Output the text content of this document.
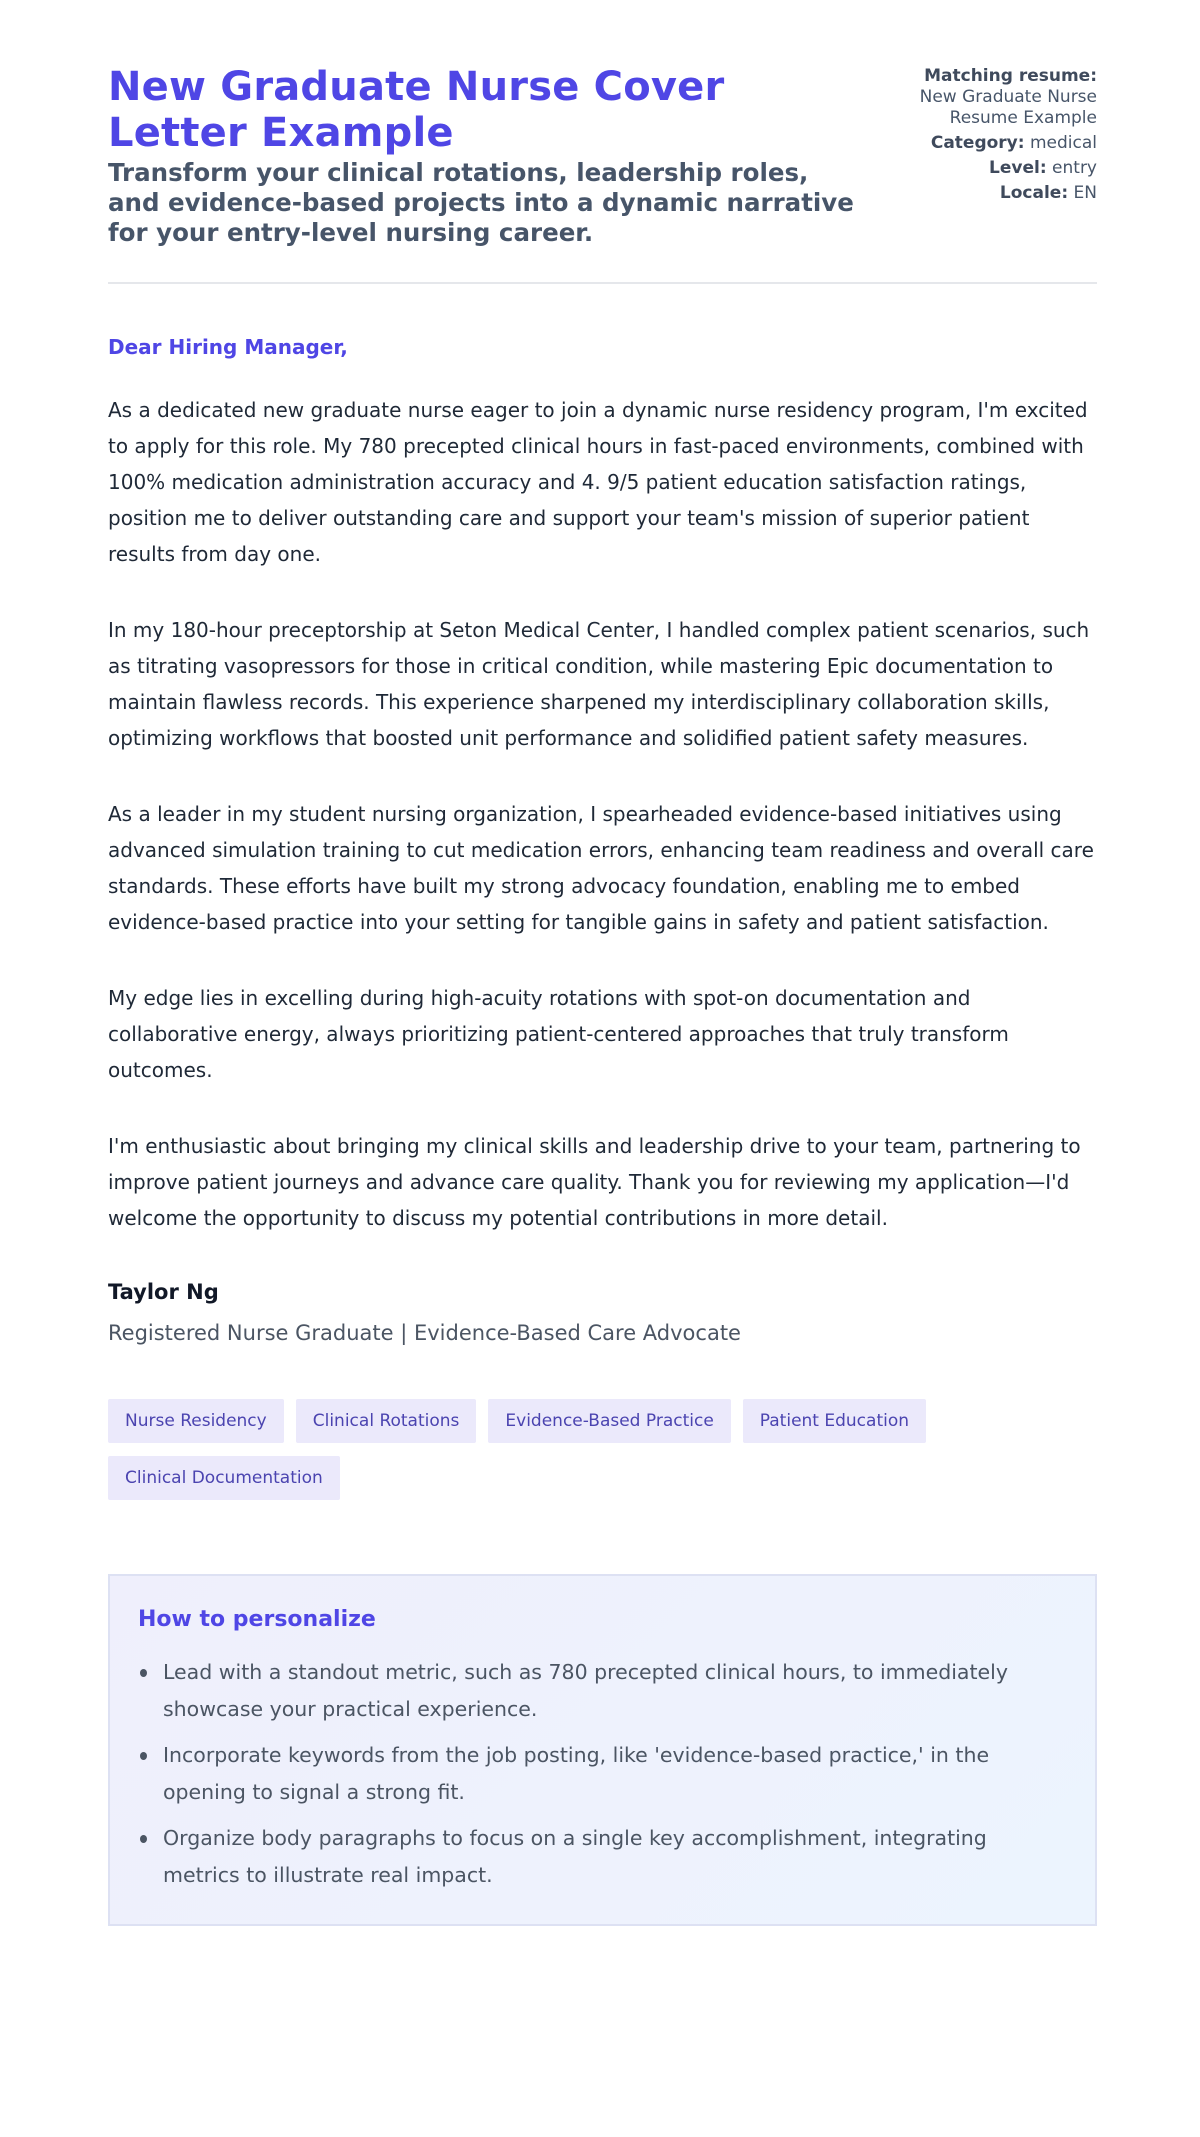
New Graduate Nurse Cover Letter Example
Transform your clinical rotations, leadership roles, and evidence-based projects into a dynamic narrative for your entry-level nursing career.
Matching resume:
New Graduate Nurse Resume Example
Category: medical
Level: entry
Locale: EN
Dear Hiring Manager,

As a dedicated new graduate nurse eager to join a dynamic nurse residency program, I'm excited to apply for this role. My 780 precepted clinical hours in fast-paced environments, combined with 100% medication administration accuracy and 4. 9/5 patient education satisfaction ratings, position me to deliver outstanding care and support your team's mission of superior patient results from day one.

In my 180-hour preceptorship at Seton Medical Center, I handled complex patient scenarios, such as titrating vasopressors for those in critical condition, while mastering Epic documentation to maintain flawless records. This experience sharpened my interdisciplinary collaboration skills, optimizing workflows that boosted unit performance and solidified patient safety measures.

As a leader in my student nursing organization, I spearheaded evidence-based initiatives using advanced simulation training to cut medication errors, enhancing team readiness and overall care standards. These efforts have built my strong advocacy foundation, enabling me to embed evidence-based practice into your setting for tangible gains in safety and patient satisfaction.

My edge lies in excelling during high-acuity rotations with spot-on documentation and collaborative energy, always prioritizing patient-centered approaches that truly transform outcomes.

I'm enthusiastic about bringing my clinical skills and leadership drive to your team, partnering to improve patient journeys and advance care quality. Thank you for reviewing my application—I'd welcome the opportunity to discuss my potential contributions in more detail.

Taylor Ng
Registered Nurse Graduate | Evidence-Based Care Advocate
Nurse Residency	Clinical Rotations	Evidence-Based Practice	Patient Education
Clinical Documentation
How to personalize
Lead with a standout metric, such as 780 precepted clinical hours, to immediately showcase your practical experience.
Incorporate keywords from the job posting, like 'evidence-based practice,' in the opening to signal a strong fit.
Organize body paragraphs to focus on a single key accomplishment, integrating metrics to illustrate real impact.
